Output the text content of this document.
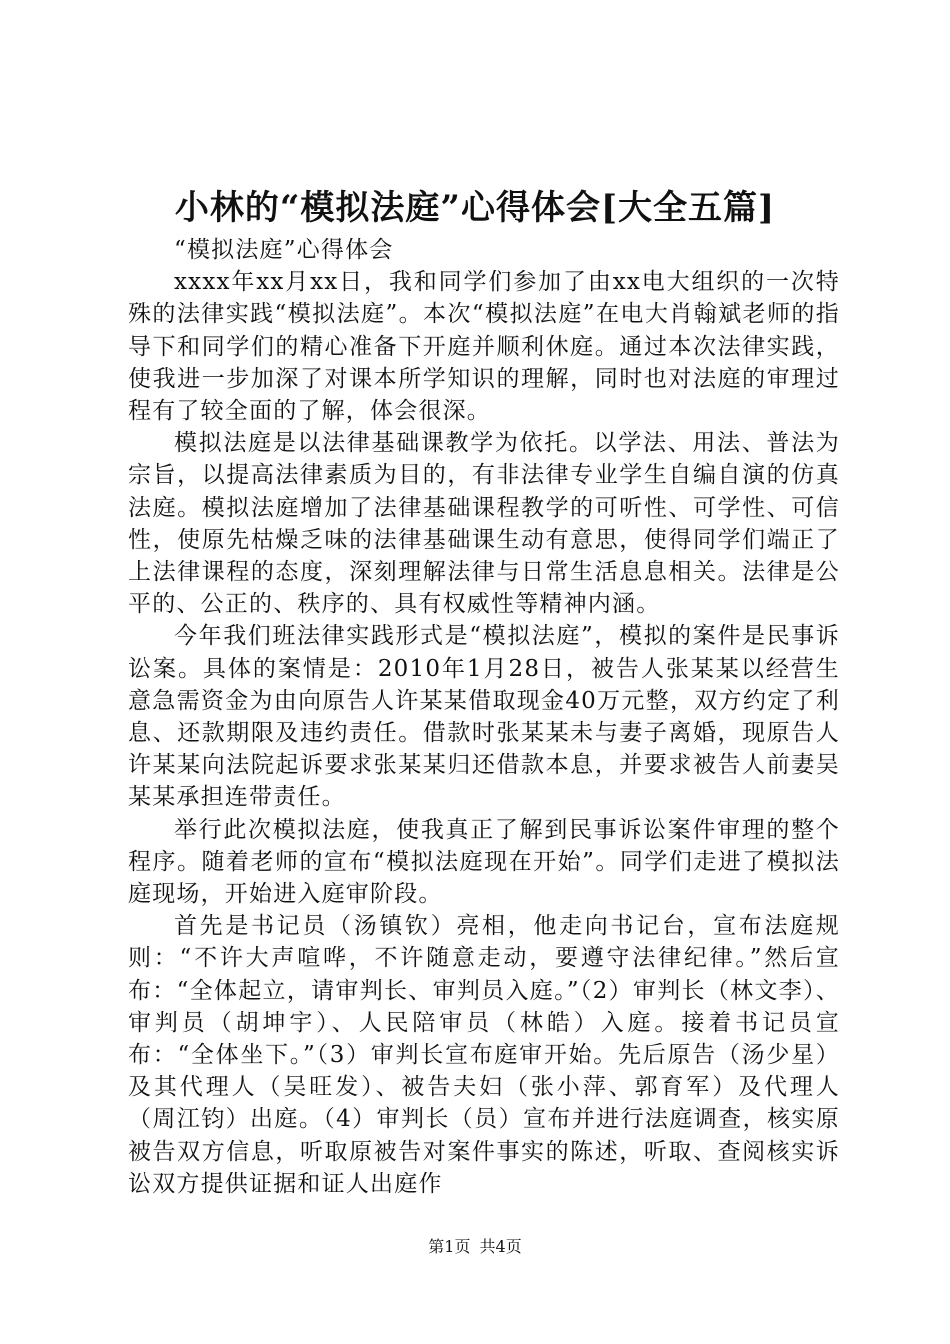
小林的“模拟法庭”心得体会[大全五篇]
“模拟法庭”心得体会

xxxx年xx月xx日，我和同学们参加了由xx电大组织的一次特殊的法律实践“模拟法庭”。本次“模拟法庭”在电大肖翰斌老师的指导下和同学们的精心准备下开庭并顺利休庭。通过本次法律实践，使我进一步加深了对课本所学知识的理解，同时也对法庭的审理过程有了较全面的了解，体会很深。

模拟法庭是以法律基础课教学为依托。以学法、用法、普法为宗旨，以提高法律素质为目的，有非法律专业学生自编自演的仿真法庭。模拟法庭增加了法律基础课程教学的可听性、可学性、可信性，使原先枯燥乏味的法律基础课生动有意思，使得同学们端正了上法律课程的态度，深刻理解法律与日常生活息息相关。法律是公平的、公正的、秩序的、具有权威性等精神内涵。

今年我们班法律实践形式是“模拟法庭”，模拟的案件是民事诉讼案。具体的案情是：2010年1月28日，被告人张某某以经营生意急需资金为由向原告人许某某借取现金40万元整，双方约定了利息、还款期限及违约责任。借款时张某某未与妻子离婚，现原告人许某某向法院起诉要求张某某归还借款本息，并要求被告人前妻吴某某承担连带责任。

举行此次模拟法庭，使我真正了解到民事诉讼案件审理的整个程序。随着老师的宣布“模拟法庭现在开始”。同学们走进了模拟法庭现场，开始进入庭审阶段。

首先是书记员（汤镇钦）亮相，他走向书记台，宣布法庭规则：“不许大声喧哗，不许随意走动，要遵守法律纪律。”然后宣布：“全体起立，请审判长、审判员入庭。”（2）审判长（林文李）、审判员（胡坤宇）、人民陪审员（林皓）入庭。接着书记员宣布：“全体坐下。”（3）审判长宣布庭审开始。先后原告（汤少星）及其代理人（吴旺发）、被告夫妇（张小萍、郭育军）及代理人（周江钧）出庭。（4）审判长（员）宣布并进行法庭调查，核实原被告双方信息，听取原被告对案件事实的陈述，听取、查阅核实诉讼双方提供证据和证人出庭作

第1页 共4页
